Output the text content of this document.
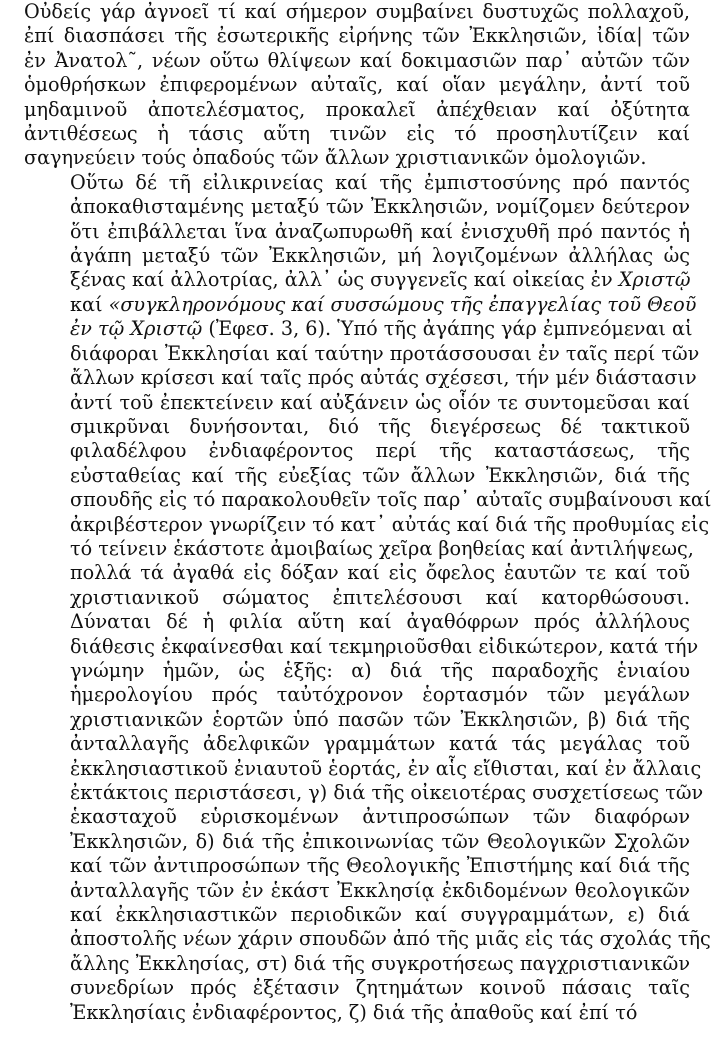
Οὐδείς γάρ ἀγνοεῖ τί καί σήμερον συμβαίνει δυστυχῶς πολλαχοῦ,
ἐπί διασπάσει τῆς ἐσωτερικῆς εἰρήνης τῶν Ἐκκλησιῶν, ἰδία| τῶν
ἐν Ἀνατολ˜, νέων οὕτω θλίψεων καί δοκιμασιῶν παρ᾽ αὐτῶν τῶν
ὁμοθρήσκων ἐπιφερομένων αὐταῖς, καί οἵαν μεγάλην, ἀντί τοῦ
μηδαμινοῦ ἀποτελέσματος, προκαλεῖ ἀπέχθειαν καί ὀξύτητα
ἀντιθέσεως ἡ τάσις αὕτη τινῶν εἰς τό προσηλυτίζειν καί
σαγηνεύειν τούς ὀπαδούς τῶν ἄλλων χριστιανικῶν ὁμολογιῶν.

Οὕτω δέ τῆ εἰλικρινείας καί τῆς ἐμπιστοσύνης πρό παντός
ἀποκαθισταμένης μεταξύ τῶν Ἐκκλησιῶν, νομίζομεν δεύτερον
ὅτι ἐπιβάλλεται ἵνα ἀναζωπυρωθῆ καί ἐνισχυθῆ πρό παντός ἡ
ἀγάπη μεταξύ τῶν Ἐκκλησιῶν, μή λογιζομένων ἀλλήλας ὡς
ξένας καί ἀλλοτρίας, ἀλλ᾽ ὡς συγγενεῖς καί οἰκείας ἐν Χριστῷ
καί «συγκληρονόμους καί συσσώμους τῆς ἐπαγγελίας τοῦ Θεοῦ
ἐν τῷ Χριστῷ (Ἐφεσ. 3, 6). Ὑπό τῆς ἀγάπης γάρ ἐμπνεόμεναι αἱ
διάφοραι Ἐκκλησίαι καί ταύτην προτάσσουσαι ἐν ταῖς περί τῶν
ἄλλων κρίσεσι καί ταῖς πρός αὐτάς σχέσεσι, τήν μέν διάστασιν
ἀντί τοῦ ἐπεκτείνειν καί αὐξάνειν ὡς οἷόν τε συντομεῦσαι καί
σμικρῦναι δυνήσονται, διό τῆς διεγέρσεως δέ τακτικοῦ
φιλαδέλφου ἐνδιαφέροντος περί τῆς καταστάσεως, τῆς
εὐσταθείας καί τῆς εὐεξίας τῶν ἄλλων Ἐκκλησιῶν, διά τῆς
σπουδῆς εἰς τό παρακολουθεῖν τοῖς παρ᾽ αὐταῖς συμβαίνουσι καί
ἀκριβέστερον γνωρίζειν τό κατ᾽ αὐτάς καί διά τῆς προθυμίας εἰς
τό τείνειν ἑκάστοτε ἀμοιβαίως χεῖρα βοηθείας καί ἀντιλήψεως,
πολλά τά ἀγαθά εἰς δόξαν καί εἰς ὄφελος ἑαυτῶν τε καί τοῦ
χριστιανικοῦ σώματος ἐπιτελέσουσι καί κατορθώσουσι.
Δύναται δέ ἡ φιλία αὕτη καί ἀγαθόφρων πρός ἀλλήλους
διάθεσις ἐκφαίνεσθαι καί τεκμηριοῦσθαι εἰδικώτερον, κατά τήν
γνώμην ἡμῶν, ὡς ἑξῆς: α) διά τῆς παραδοχῆς ἑνιαίου
ἡμερολογίου πρός ταὐτόχρονον ἑορτασμόν τῶν μεγάλων
χριστιανικῶν ἑορτῶν ὑπό πασῶν τῶν Ἐκκλησιῶν, β) διά τῆς
ἀνταλλαγῆς ἀδελφικῶν γραμμάτων κατά τάς μεγάλας τοῦ
ἐκκλησιαστικοῦ ἐνιαυτοῦ ἑορτάς, ἐν αἷς εἴθισται, καί ἐν ἄλλαις
ἐκτάκτοις περιστάσεσι, γ) διά τῆς οἰκειοτέρας συσχετίσεως τῶν
ἑκασταχοῦ εὑρισκομένων ἀντιπροσώπων τῶν διαφόρων
Ἐκκλησιῶν, δ) διά τῆς ἐπικοινωνίας τῶν Θεολογικῶν Σχολῶν
καί τῶν ἀντιπροσώπων τῆς Θεολογικῆς Ἐπιστήμης καί διά τῆς
ἀνταλλαγῆς τῶν ἐν ἑκάστ Ἐκκλησίᾳ ἐκδιδομένων θεολογικῶν
καί ἐκκλησιαστικῶν περιοδικῶν καί συγγραμμάτων, ε) διά
ἀποστολῆς νέων χάριν σπουδῶν ἀπό τῆς μιᾶς εἰς τάς σχολάς τῆς
ἄλλης Ἐκκλησίας, στ) διά τῆς συγκροτήσεως παγχριστιανικῶν
συνεδρίων πρός ἐξέτασιν ζητημάτων κοινοῦ πάσαις ταῖς
Ἐκκλησίαις ἐνδιαφέροντος, ζ) διά τῆς ἀπαθοῦς καί ἐπί τό
